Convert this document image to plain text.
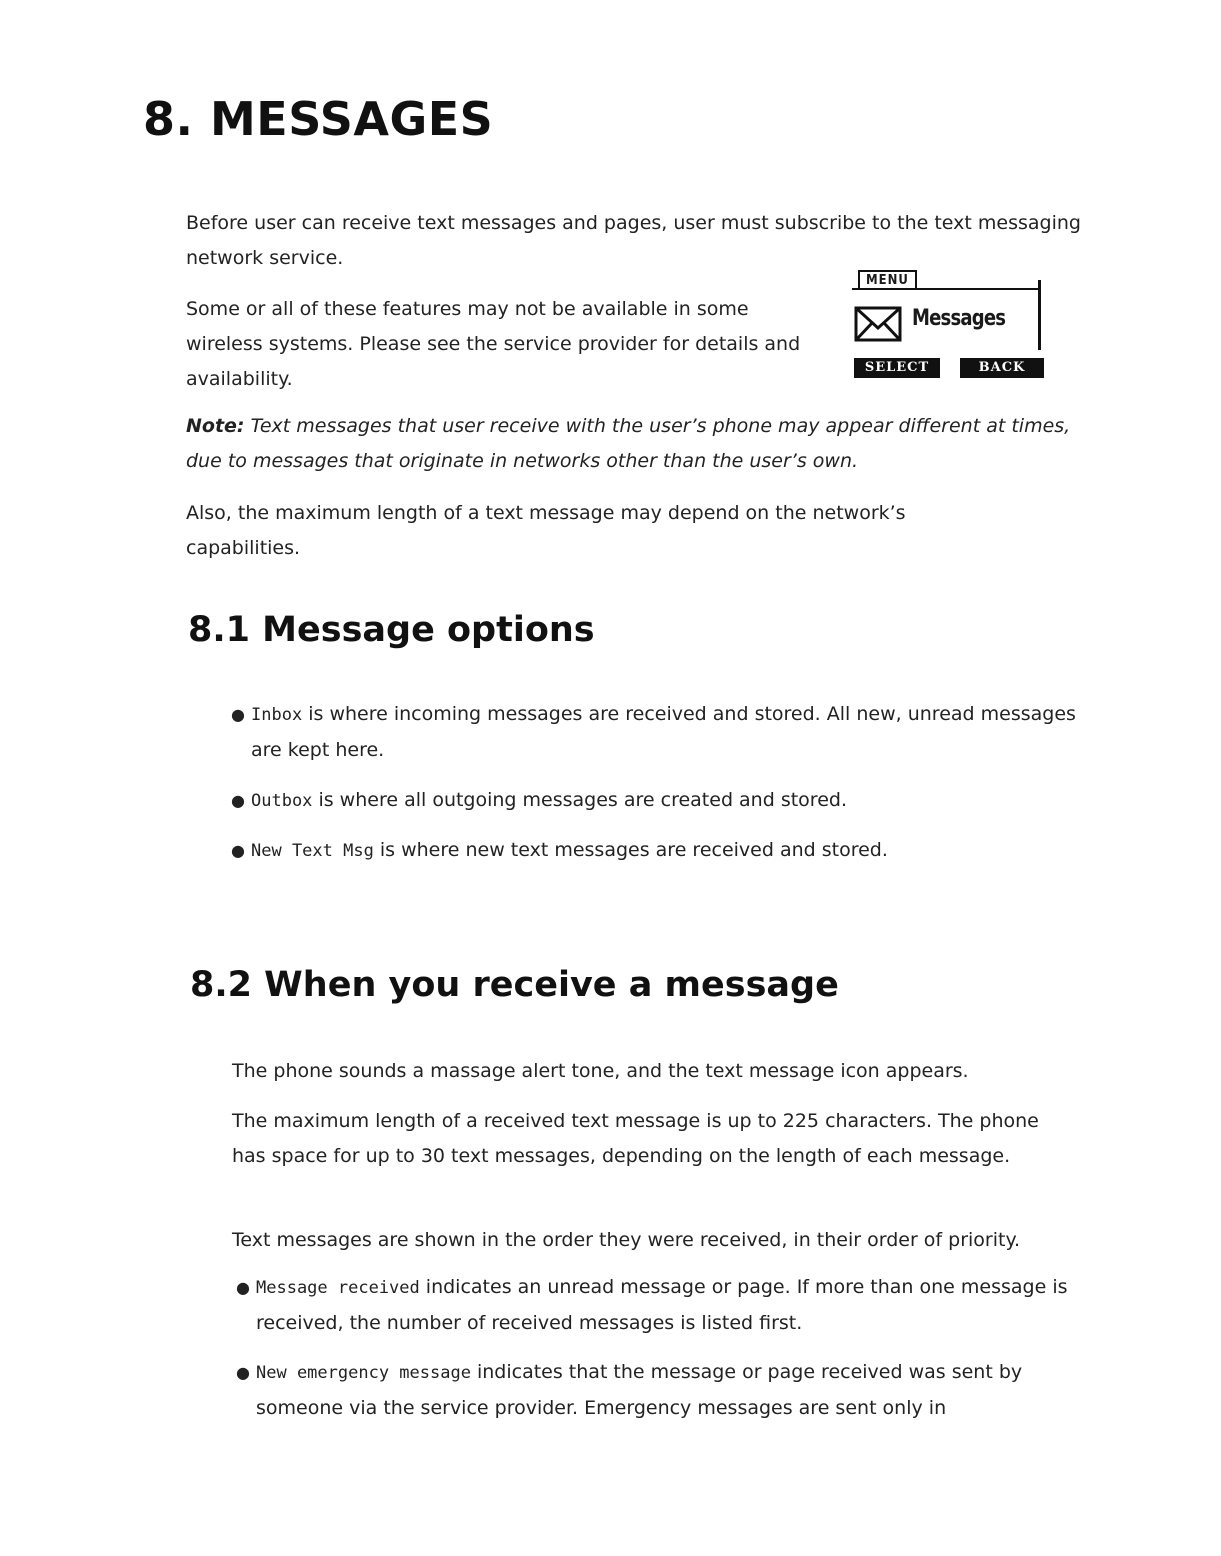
8. MESSAGES

Before user can receive text messages and pages, user must subscribe to the text messaging network service.

Some or all of these features may not be available in some wireless systems. Please see the service provider for details and availability.

MENU
Messages
SELECT	BACK

Note: Text messages that user receive with the user’s phone may appear different at times, due to messages that originate in networks other than the user’s own.

Also, the maximum length of a text message may depend on the network’s capabilities.

8.1 Message options
● Inbox is where incoming messages are received and stored. All new, unread messages are kept here.
● Outbox is where all outgoing messages are created and stored.
● New Text Msg is where new text messages are received and stored.
8.2 When you receive a message

The phone sounds a massage alert tone, and the text message icon appears.

The maximum length of a received text message is up to 225 characters. The phone has space for up to 30 text messages, depending on the length of each message.

Text messages are shown in the order they were received, in their order of priority.

● Message received indicates an unread message or page. If more than one message is received, the number of received messages is listed first.
● New emergency message indicates that the message or page received was sent by someone via the service provider. Emergency messages are sent only in
